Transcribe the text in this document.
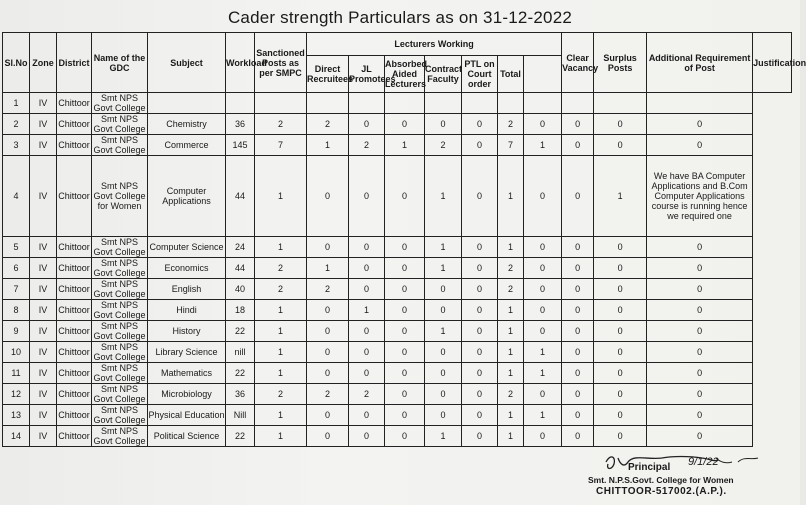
Cader strength Particulars as on 31-12-2022
Sl.No	Zone	District	Name of the GDC	Subject	Workload	Sanctioned Posts as per SMPC	Lecturers Working							Clear Vacancy	Surplus Posts	Additional Requirement of Post	Justification
							Direct Recruitees	JL Promotees	Absorbed Aided Lecturers	Contract Faculty	PTL on Court order	Total					
1	IV	Chittoor	Smt NPS Govt College														
2	IV	Chittoor	Smt NPS Govt College	Chemistry	36	2	2	0	0	0	0	2	0	0	0	0	
3	IV	Chittoor	Smt NPS Govt College	Commerce	145	7	1	2	1	2	0	7	1	0	0	0	
4	IV	Chittoor	Smt NPS Govt College for Women	Computer Applications	44	1	0	0	0	1	0	1	0	0	1	We have BA Computer Applications and B.Com Computer Applications course is running hence we required one	
5	IV	Chittoor	Smt NPS Govt College	Computer Science	24	1	0	0	0	1	0	1	0	0	0	0	
6	IV	Chittoor	Smt NPS Govt College	Economics	44	2	1	0	0	1	0	2	0	0	0	0	
7	IV	Chittoor	Smt NPS Govt College	English	40	2	2	0	0	0	0	2	0	0	0	0	
8	IV	Chittoor	Smt NPS Govt College	Hindi	18	1	0	1	0	0	0	1	0	0	0	0	
9	IV	Chittoor	Smt NPS Govt College	History	22	1	0	0	0	1	0	1	0	0	0	0	
10	IV	Chittoor	Smt NPS Govt College	Library Science	nill	1	0	0	0	0	0	1	1	0	0	0	
11	IV	Chittoor	Smt NPS Govt College	Mathematics	22	1	0	0	0	0	0	1	1	0	0	0	
12	IV	Chittoor	Smt NPS Govt College	Microbiology	36	2	2	2	0	0	0	2	0	0	0	0	
13	IV	Chittoor	Smt NPS Govt College	Physical Education	Nill	1	0	0	0	0	0	1	1	0	0	0	
14	IV	Chittoor	Smt NPS Govt College	Political Science	22	1	0	0	0	1	0	1	0	0	0	0	
Principal 9/1/22
Smt. N.P.S.Govt. College for Women
CHITTOOR-517002.(A.P.).
